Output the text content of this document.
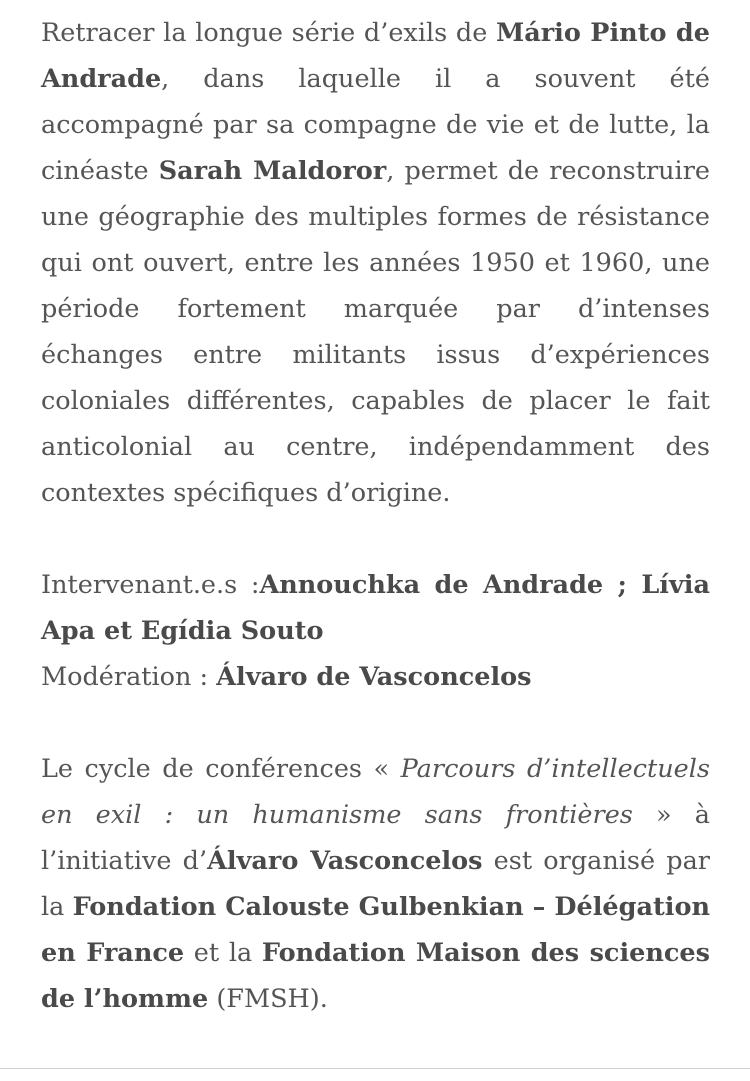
Retracer la longue série d’exils de Mário Pinto de Andrade, dans laquelle il a souvent été accompagné par sa compagne de vie et de lutte, la cinéaste Sarah Maldoror, permet de reconstruire une géographie des multiples formes de résistance qui ont ouvert, entre les années 1950 et 1960, une période fortement marquée par d’intenses échanges entre militants issus d’expériences coloniales différentes, capables de placer le fait anticolonial au centre, indépendamment des contextes spécifiques d’origine.

Intervenant.e.s :Annouchka de Andrade ; Lívia Apa et Egídia Souto

Modération : Álvaro de Vasconcelos

Le cycle de conférences « Parcours d’intellectuels en exil : un humanisme sans frontières » à l’initiative d’Álvaro Vasconcelos est organisé par la Fondation Calouste Gulbenkian – Délégation en France et la Fondation Maison des sciences de l’homme (FMSH).
